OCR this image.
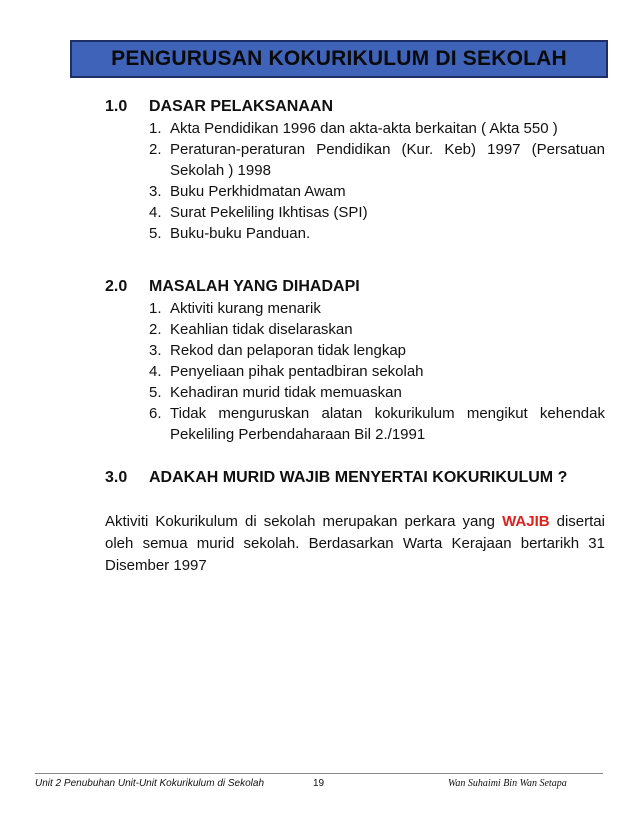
PENGURUSAN KOKURIKULUM DI SEKOLAH
1.0	DASAR PELAKSANAAN
1. Akta Pendidikan 1996 dan akta-akta berkaitan ( Akta 550 )
2. Peraturan-peraturan Pendidikan (Kur. Keb) 1997 (Persatuan Sekolah ) 1998
3. Buku Perkhidmatan Awam
4. Surat Pekeliling Ikhtisas (SPI)
5. Buku-buku Panduan.
2.0	MASALAH YANG DIHADAPI
1. Aktiviti kurang menarik
2. Keahlian tidak diselaraskan
3. Rekod dan pelaporan tidak lengkap
4. Penyeliaan pihak pentadbiran sekolah
5. Kehadiran murid tidak memuaskan
6. Tidak menguruskan alatan kokurikulum mengikut kehendak Pekeliling Perbendaharaan Bil 2./1991
3.0	ADAKAH MURID WAJIB MENYERTAI KOKURIKULUM ?
Aktiviti Kokurikulum di sekolah merupakan perkara yang WAJIB disertai oleh semua murid sekolah. Berdasarkan Warta Kerajaan bertarikh 31 Disember 1997
Unit 2 Penubuhan Unit-Unit Kokurikulum di Sekolah	19	Wan Suhaimi Bin Wan Setapa
